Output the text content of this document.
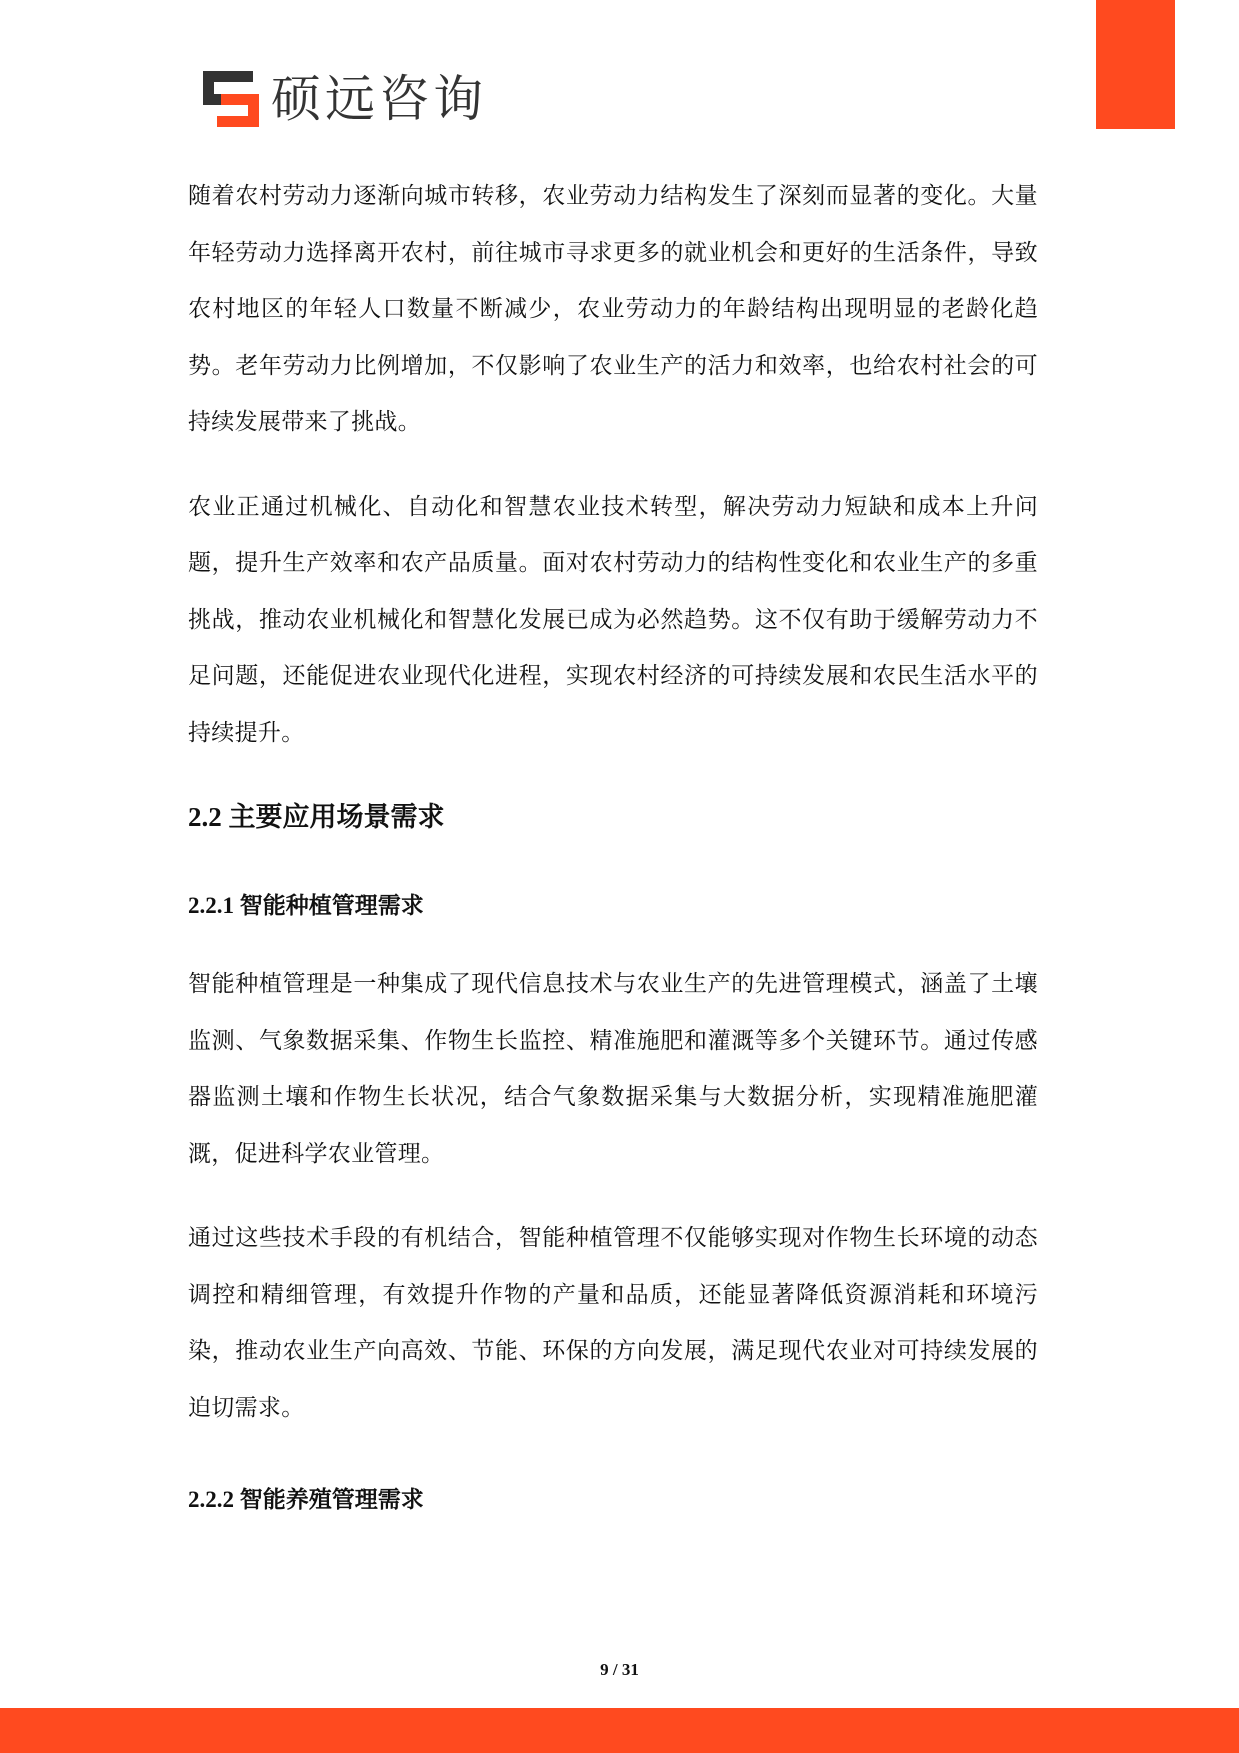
硕远咨询

随着农村劳动力逐渐向城市转移，农业劳动力结构发生了深刻而显著的变化。大量年轻劳动力选择离开农村，前往城市寻求更多的就业机会和更好的生活条件，导致农村地区的年轻人口数量不断减少，农业劳动力的年龄结构出现明显的老龄化趋势。老年劳动力比例增加，不仅影响了农业生产的活力和效率，也给农村社会的可持续发展带来了挑战。

农业正通过机械化、自动化和智慧农业技术转型，解决劳动力短缺和成本上升问题，提升生产效率和农产品质量。面对农村劳动力的结构性变化和农业生产的多重挑战，推动农业机械化和智慧化发展已成为必然趋势。这不仅有助于缓解劳动力不足问题，还能促进农业现代化进程，实现农村经济的可持续发展和农民生活水平的持续提升。

2.2 主要应用场景需求
2.2.1 智能种植管理需求

智能种植管理是一种集成了现代信息技术与农业生产的先进管理模式，涵盖了土壤监测、气象数据采集、作物生长监控、精准施肥和灌溉等多个关键环节。通过传感器监测土壤和作物生长状况，结合气象数据采集与大数据分析，实现精准施肥灌溉，促进科学农业管理。

通过这些技术手段的有机结合，智能种植管理不仅能够实现对作物生长环境的动态调控和精细管理，有效提升作物的产量和品质，还能显著降低资源消耗和环境污染，推动农业生产向高效、节能、环保的方向发展，满足现代农业对可持续发展的迫切需求。

2.2.2 智能养殖管理需求
9 / 31
